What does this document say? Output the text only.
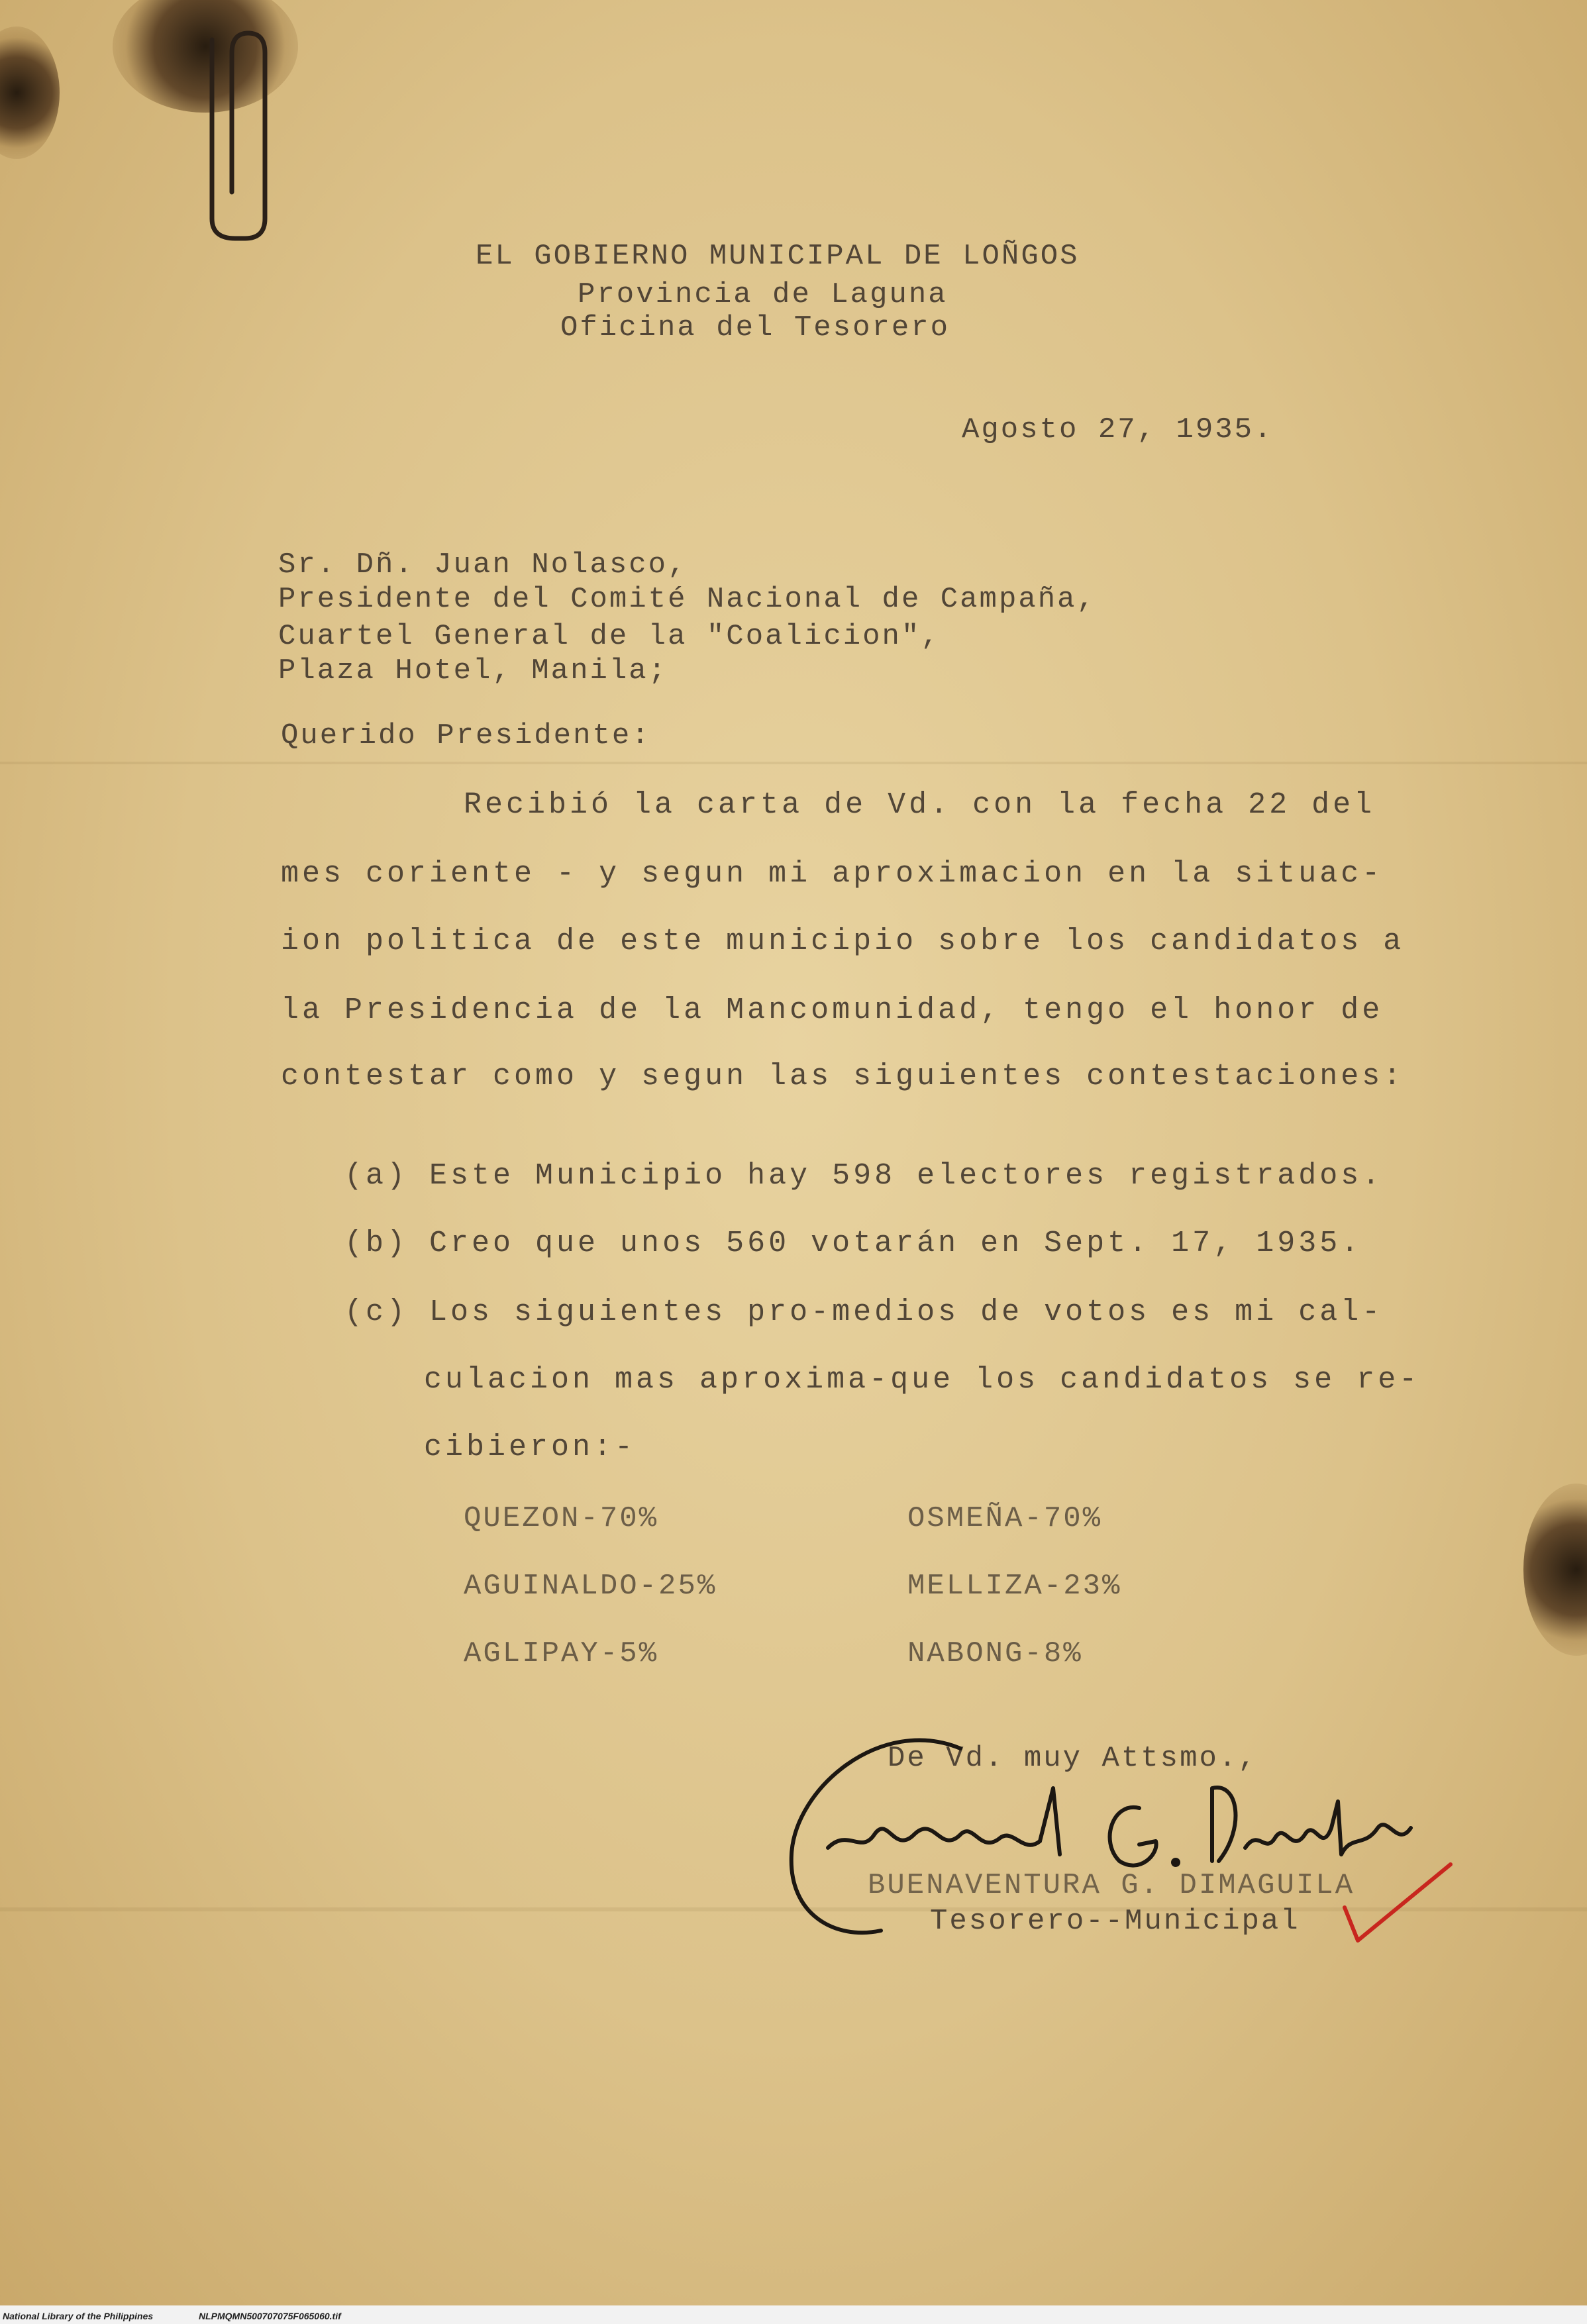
EL GOBIERNO MUNICIPAL DE LOÑGOS
Provincia de Laguna
Oficina del Tesorero
Agosto 27, 1935.
Sr. Dñ. Juan Nolasco,
Presidente del Comité Nacional de Campaña,
Cuartel General de la "Coalicion",
Plaza Hotel, Manila;
Querido Presidente:
Recibió la carta de Vd. con la fecha 22 del
mes coriente - y segun mi aproximacion en la situac-
ion politica de este municipio sobre los candidatos a
la Presidencia de la Mancomunidad, tengo el honor de
contestar como y segun las siguientes contestaciones:
(a) Este Municipio hay 598 electores registrados.
(b) Creo que unos 560 votarán en Sept. 17, 1935.
(c) Los siguientes pro-medios de votos es mi cal-
culacion mas aproxima-que los candidatos se re-
cibieron:-
QUEZON-70%
AGUINALDO-25%
AGLIPAY-5%
OSMEÑA-70%
MELLIZA-23%
NABONG-8%
De Vd. muy Attsmo.,
BUENAVENTURA G. DIMAGUILA
Tesorero--Municipal
National Library of the Philippines	NLPMQMN500707075F065060.tif
